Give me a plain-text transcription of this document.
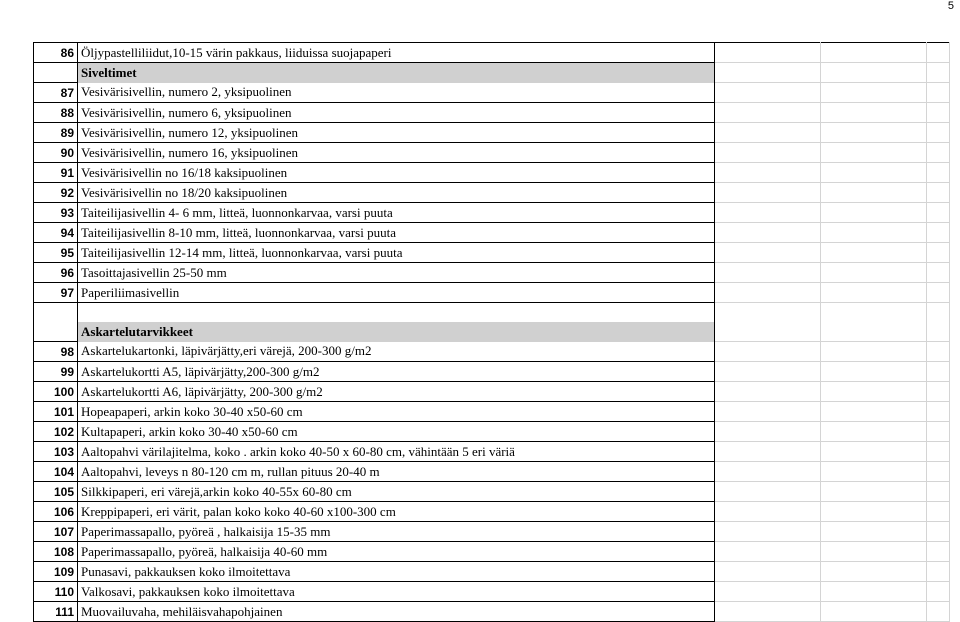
5
86	Öljypastelliliidut,10-15 värin pakkaus, liiduissa suojapaperi			
	Siveltimet			
87	Vesivärisivellin, numero 2, yksipuolinen			
88	Vesivärisivellin, numero 6, yksipuolinen			
89	Vesivärisivellin, numero 12, yksipuolinen			
90	Vesivärisivellin, numero 16, yksipuolinen			
91	Vesivärisivellin no 16/18 kaksipuolinen			
92	Vesivärisivellin no 18/20 kaksipuolinen			
93	Taiteilijasivellin 4- 6 mm, litteä, luonnonkarvaa, varsi puuta			
94	Taiteilijasivellin 8-10 mm, litteä, luonnonkarvaa, varsi puuta			
95	Taiteilijasivellin 12-14 mm, litteä, luonnonkarvaa, varsi puuta			
96	Tasoittajasivellin 25-50 mm			
97	Paperiliimasivellin			

	Askartelutarvikkeet			
98	Askartelukartonki, läpivärjätty,eri värejä, 200-300 g/m2			
99	Askartelukortti A5, läpivärjätty,200-300 g/m2			
100	Askartelukortti A6, läpivärjätty, 200-300 g/m2			
101	Hopeapaperi, arkin koko 30-40 x50-60 cm			
102	Kultapaperi, arkin koko 30-40 x50-60 cm			
103	Aaltopahvi värilajitelma, koko . arkin koko 40-50 x 60-80 cm, vähintään 5 eri väriä			
104	Aaltopahvi, leveys n 80-120 cm m, rullan pituus 20-40 m			
105	Silkkipaperi, eri värejä,arkin koko 40-55x 60-80 cm			
106	Kreppipaperi, eri värit, palan koko koko 40-60 x100-300 cm			
107	Paperimassapallo, pyöreä , halkaisija 15-35 mm			
108	Paperimassapallo, pyöreä, halkaisija 40-60 mm			
109	Punasavi, pakkauksen koko ilmoitettava			
110	Valkosavi, pakkauksen koko ilmoitettava			
111	Muovailuvaha, mehiläisvahapohjainen			
